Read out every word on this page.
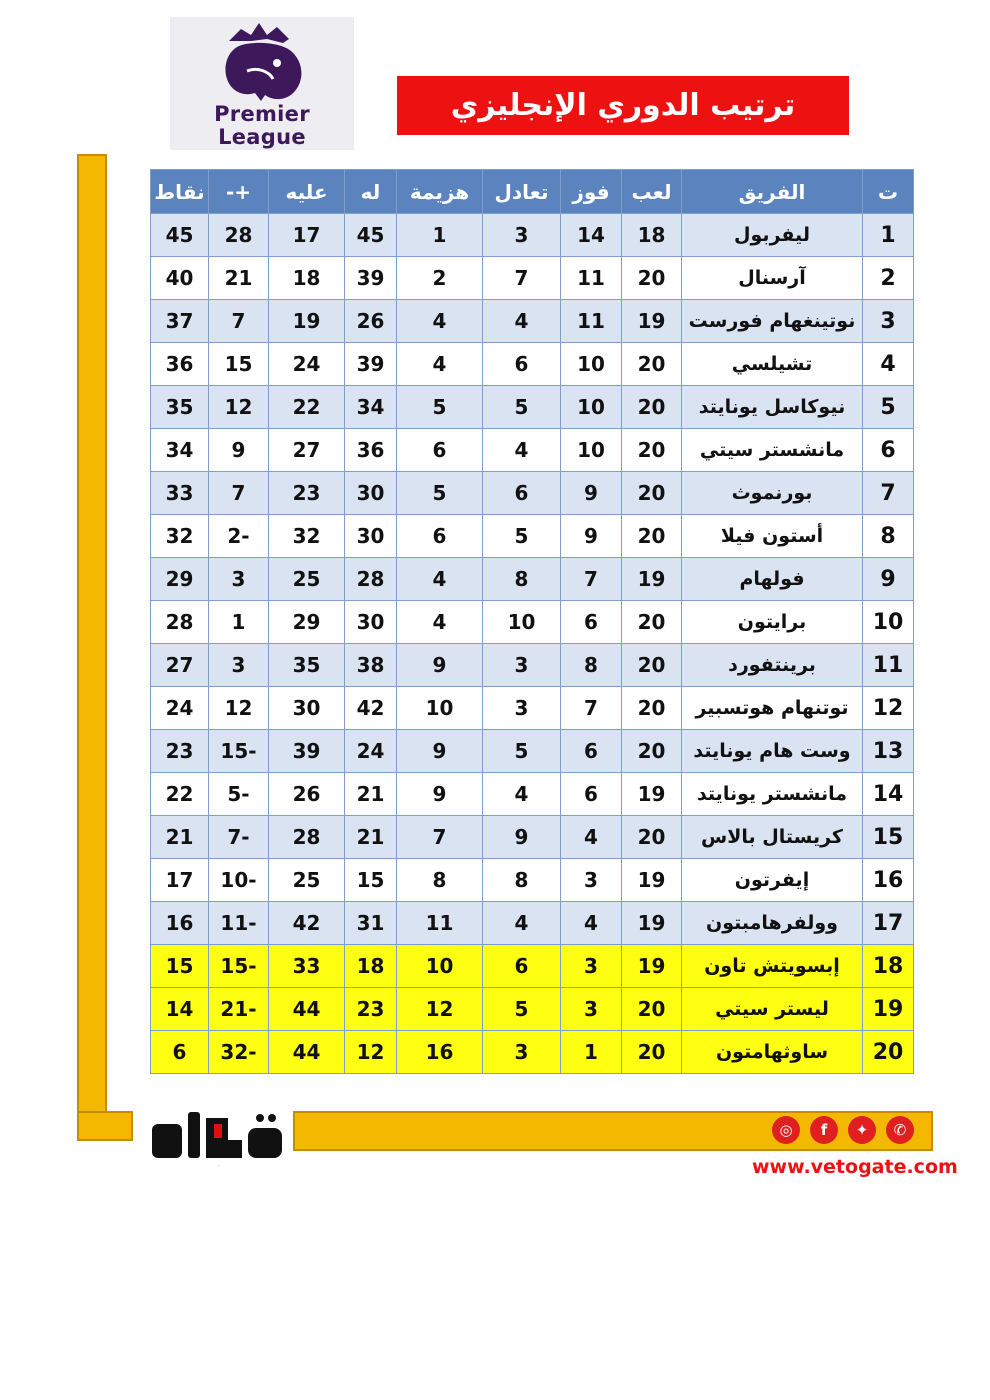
Premier
League
ترتيب الدوري الإنجليزي
ت	الفريق	لعب	فوز	تعادل	هزيمة	له	عليه	+-	نقاط
1	ليفربول	18	14	3	1	45	17	28	45
2	آرسنال	20	11	7	2	39	18	21	40
3	نوتينغهام فورست	19	11	4	4	26	19	7	37
4	تشيلسي	20	10	6	4	39	24	15	36
5	نيوكاسل يونايتد	20	10	5	5	34	22	12	35
6	مانشستر سيتي	20	10	4	6	36	27	9	34
7	بورنموث	20	9	6	5	30	23	7	33
8	أستون فيلا	20	9	5	6	30	32	2-	32
9	فولهام	19	7	8	4	28	25	3	29
10	برايتون	20	6	10	4	30	29	1	28
11	برينتفورد	20	8	3	9	38	35	3	27
12	توتنهام هوتسبير	20	7	3	10	42	30	12	24
13	وست هام يونايتد	20	6	5	9	24	39	15-	23
14	مانشستر يونايتد	19	6	4	9	21	26	5-	22
15	كريستال بالاس	20	4	9	7	21	28	7-	21
16	إيفرتون	19	3	8	8	15	25	10-	17
17	وولفرهامبتون	19	4	4	11	31	42	11-	16
18	إبسويتش تاون	19	3	6	10	18	33	15-	15
19	ليستر سيتي	20	3	5	12	23	44	21-	14
20	ساوثهامتون	20	1	3	16	12	44	32-	6
ڤيتو
◎	f	✦	✆
www.vetogate.com
